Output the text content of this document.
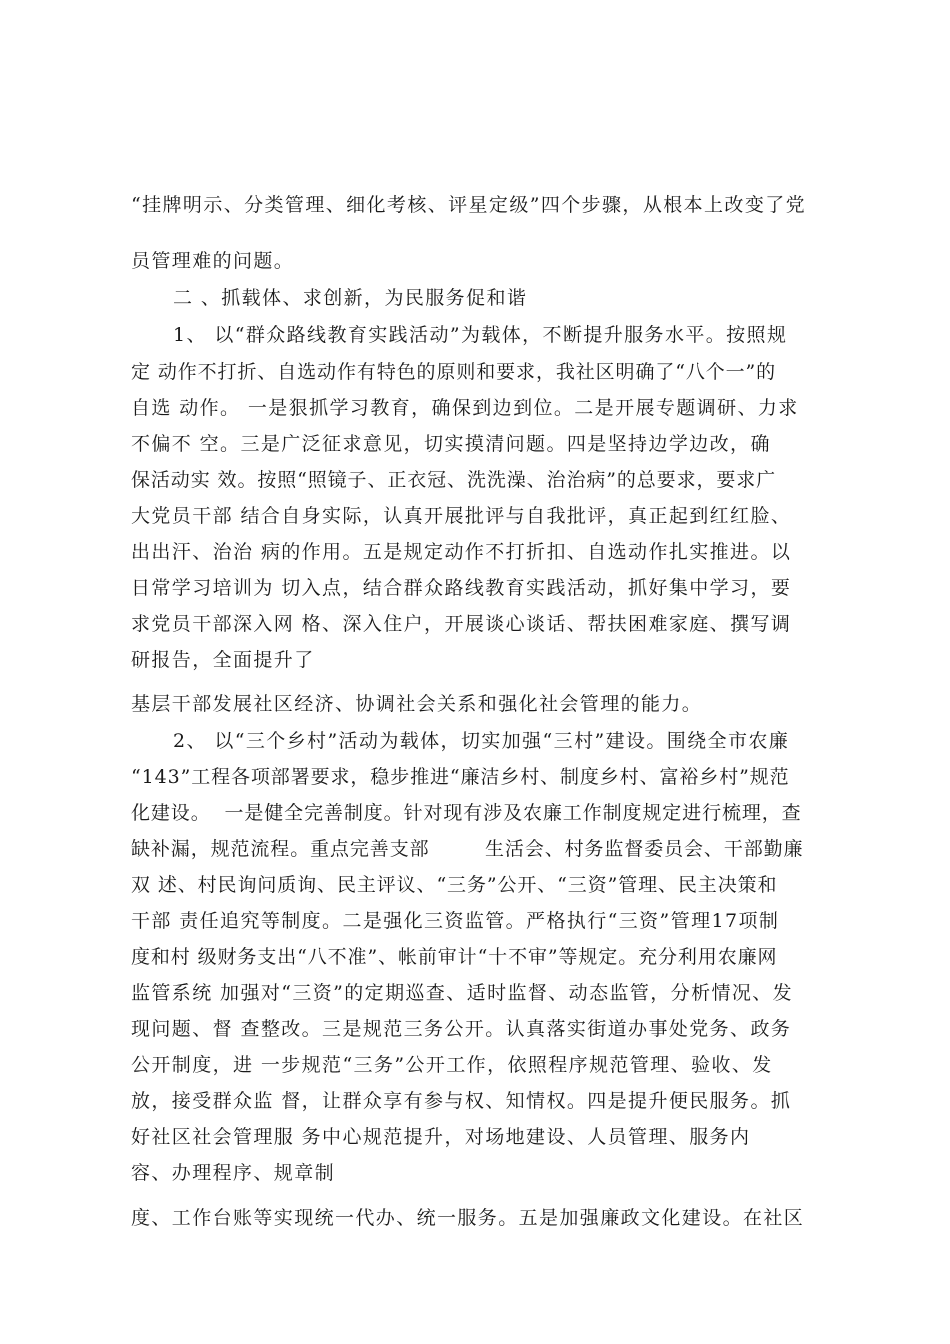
“挂牌明示、分类管理、细化考核、评星定级”四个步骤，从根本上改变了党
员管理难的问题。
二 、抓载体、求创新，为民服务促和谐
1、 以“群众路线教育实践活动”为载体，不断提升服务水平。按照规
定 动作不打折、自选动作有特色的原则和要求，我社区明确了“八个一”的
自选 动作。 一是狠抓学习教育，确保到边到位。二是开展专题调研、力求
不偏不 空。三是广泛征求意见，切实摸清问题。四是坚持边学边改，确
保活动实 效。按照“照镜子、正衣冠、洗洗澡、治治病”的总要求，要求广
大党员干部 结合自身实际，认真开展批评与自我批评，真正起到红红脸、
出出汗、治治 病的作用。五是规定动作不打折扣、自选动作扎实推进。以
日常学习培训为 切入点，结合群众路线教育实践活动，抓好集中学习，要
求党员干部深入网 格、深入住户，开展谈心谈话、帮扶困难家庭、撰写调
研报告，全面提升了
基层干部发展社区经济、协调社会关系和强化社会管理的能力。
2、 以“三个乡村”活动为载体，切实加强“三村”建设。围绕全市农廉
“143”工程各项部署要求，稳步推进“廉洁乡村、制度乡村、富裕乡村”规范
化建设。  一是健全完善制度。针对现有涉及农廉工作制度规定进行梳理，查
缺补漏，规范流程。重点完善支部        生活会、村务监督委员会、干部勤廉
双 述、村民询问质询、民主评议、“三务”公开、“三资”管理、民主决策和
干部 责任追究等制度。二是强化三资监管。严格执行“三资”管理17项制
度和村 级财务支出“八不准”、帐前审计“十不审”等规定。充分利用农廉网
监管系统 加强对“三资”的定期巡查、适时监督、动态监管，分析情况、发
现问题、督 查整改。三是规范三务公开。认真落实街道办事处党务、政务
公开制度，进 一步规范“三务”公开工作，依照程序规范管理、验收、发
放，接受群众监 督，让群众享有参与权、知情权。四是提升便民服务。抓
好社区社会管理服 务中心规范提升，对场地建设、人员管理、服务内
容、办理程序、规章制
度、工作台账等实现统一代办、统一服务。五是加强廉政文化建设。在社区
